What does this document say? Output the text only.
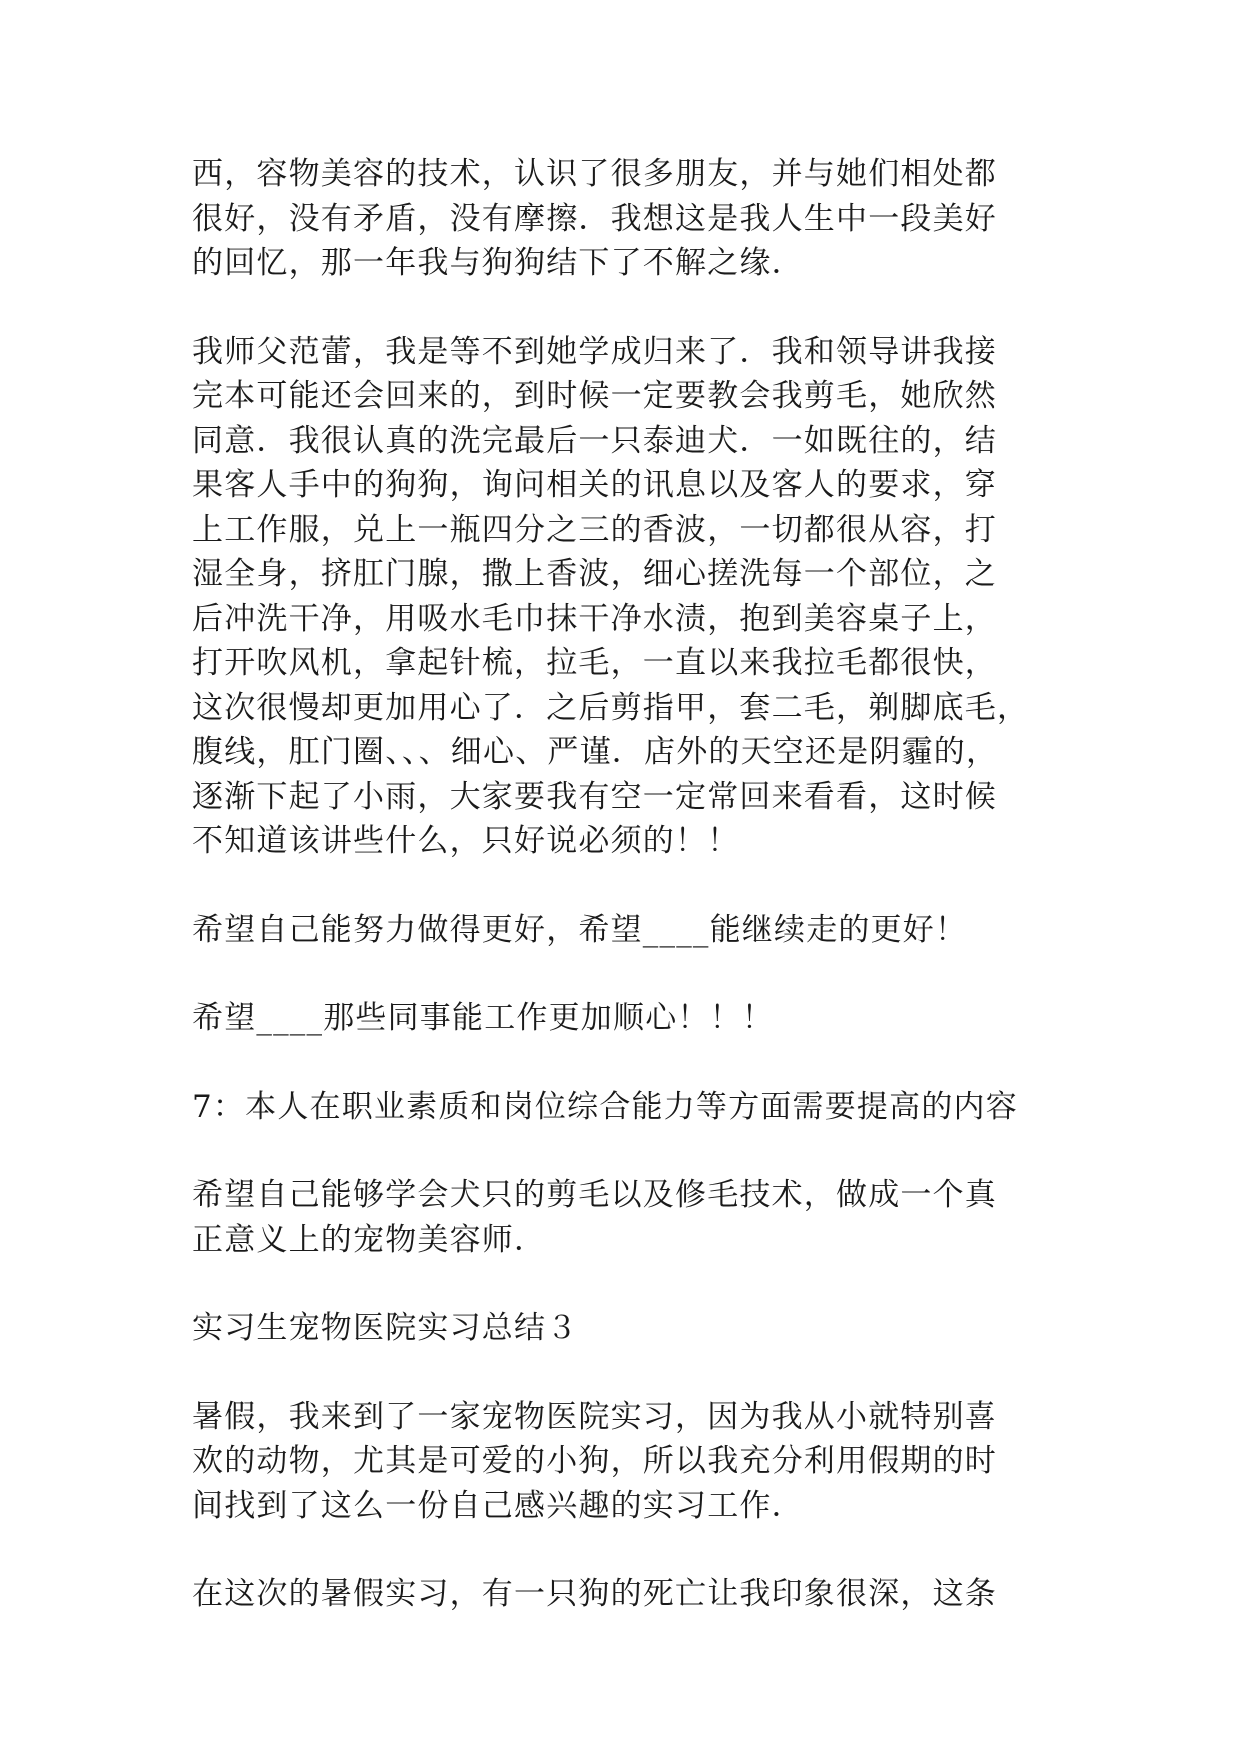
西，容物美容的技术，认识了很多朋友，并与她们相处都
很好，没有矛盾，没有摩擦．我想这是我人生中一段美好
的回忆，那一年我与狗狗结下了不解之缘．

我师父范蕾，我是等不到她学成归来了．我和领导讲我接
完本可能还会回来的，到时候一定要教会我剪毛，她欣然
同意．我很认真的洗完最后一只泰迪犬．一如既往的，结
果客人手中的狗狗，询问相关的讯息以及客人的要求，穿
上工作服，兑上一瓶四分之三的香波，一切都很从容，打
湿全身，挤肛门腺，撒上香波，细心搓洗每一个部位，之
后冲洗干净，用吸水毛巾抹干净水渍，抱到美容桌子上，
打开吹风机，拿起针梳，拉毛，一直以来我拉毛都很快，
这次很慢却更加用心了．之后剪指甲，套二毛，剃脚底毛，
腹线，肛门圈、、、细心、严谨．店外的天空还是阴霾的，
逐渐下起了小雨，大家要我有空一定常回来看看，这时候
不知道该讲些什么，只好说必须的！！

希望自己能努力做得更好，希望____能继续走的更好！

希望____那些同事能工作更加顺心！！！

7：本人在职业素质和岗位综合能力等方面需要提高的内容

希望自己能够学会犬只的剪毛以及修毛技术，做成一个真
正意义上的宠物美容师．

实习生宠物医院实习总结３

暑假，我来到了一家宠物医院实习，因为我从小就特别喜
欢的动物，尤其是可爱的小狗，所以我充分利用假期的时
间找到了这么一份自己感兴趣的实习工作．

在这次的暑假实习，有一只狗的死亡让我印象很深，这条
